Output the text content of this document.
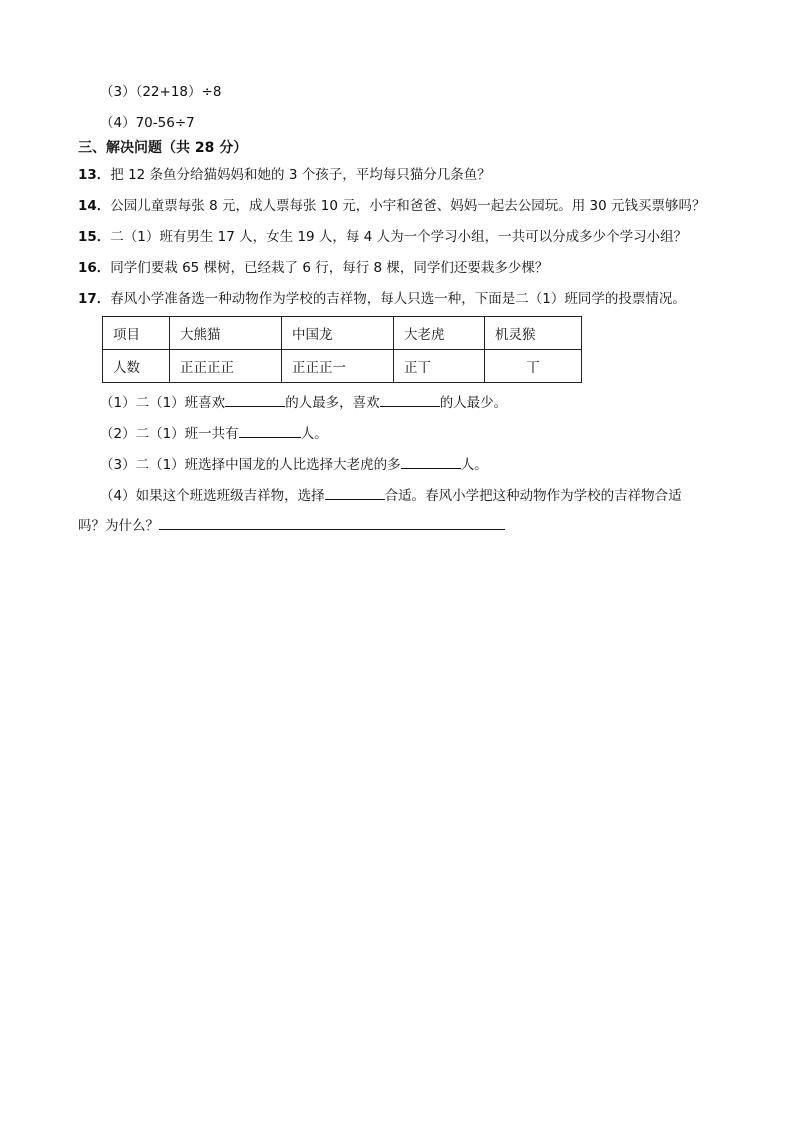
（3）（22+18）÷8
（4）70-56÷7
三、解决问题（共 28 分）
13．把 12 条鱼分给猫妈妈和她的 3 个孩子，平均每只猫分几条鱼？
14．公园儿童票每张 8 元，成人票每张 10 元，小宇和爸爸、妈妈一起去公园玩。用 30 元钱买票够吗？
15．二（1）班有男生 17 人，女生 19 人，每 4 人为一个学习小组，一共可以分成多少个学习小组？
16．同学们要栽 65 棵树，已经栽了 6 行，每行 8 棵，同学们还要栽多少棵？
17．春风小学准备选一种动物作为学校的吉祥物，每人只选一种，下面是二（1）班同学的投票情况。
项目	大熊猫	中国龙	大老虎	机灵猴
人数	正正正正	正正正一	正丅	丅
（1）二（1）班喜欢	的人最多，喜欢	的人最少。
（2）二（1）班一共有	人。
（3）二（1）班选择中国龙的人比选择大老虎的多	人。
（4）如果这个班选班级吉祥物，选择	合适。春风小学把这种动物作为学校的吉祥物合适
吗？为什么？
